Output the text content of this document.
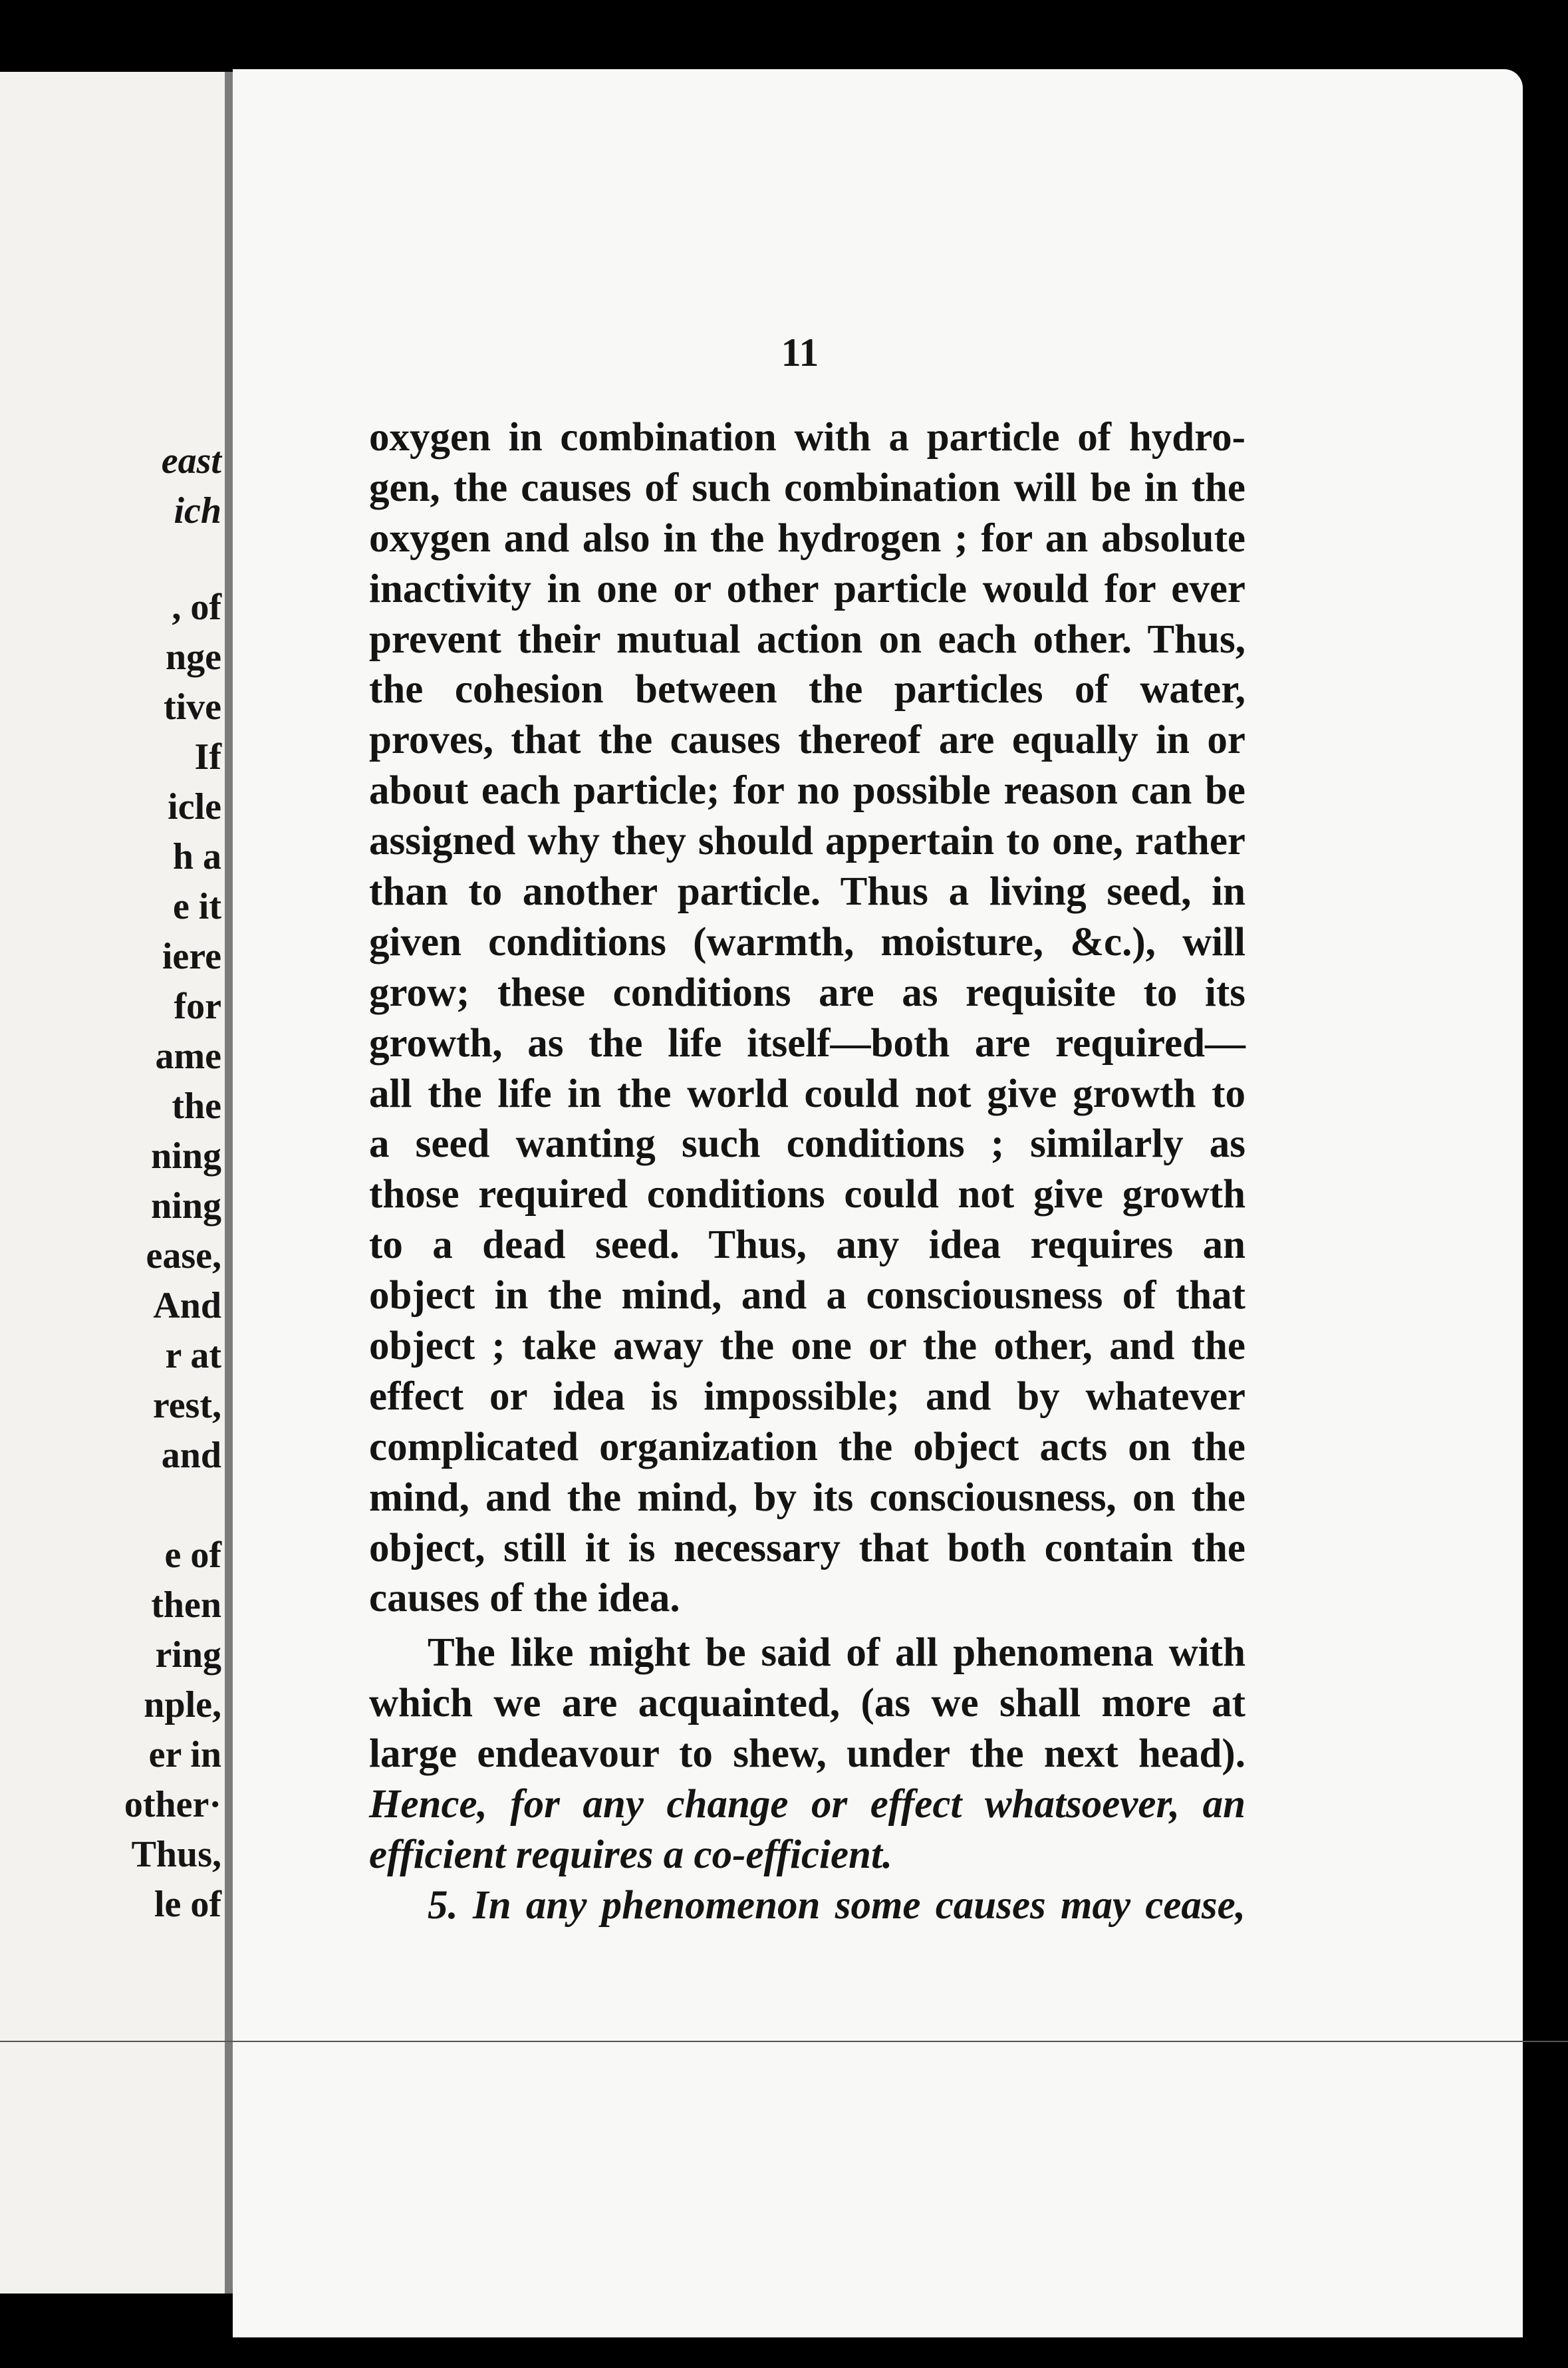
11
oxygen in combination with a particle of hydro-
gen, the causes of such combination will be in the
oxygen and also in the hydrogen ; for an absolute
inactivity in one or other particle would for ever
prevent their mutual action on each other. Thus,
the cohesion between the particles of water,
proves, that the causes thereof are equally in or
about each particle; for no possible reason can be
assigned why they should appertain to one, rather
than to another particle. Thus a living seed, in
given conditions (warmth, moisture, &c.), will
grow; these conditions are as requisite to its
growth, as the life itself—both are required—
all the life in the world could not give growth to
a seed wanting such conditions ; similarly as
those required conditions could not give growth
to a dead seed. Thus, any idea requires an
object in the mind, and a consciousness of that
object ; take away the one or the other, and the
effect or idea is impossible; and by whatever
complicated organization the object acts on the
mind, and the mind, by its consciousness, on the
object, still it is necessary that both contain the
causes of the idea.
The like might be said of all phenomena with
which we are acquainted, (as we shall more at
large endeavour to shew, under the next head).
Hence, for any change or effect whatsoever, an
efficient requires a co-efficient.
5. In any phenomenon some causes may cease,

east

ich

, of

nge

tive

If

icle

h a

e it

iere

for

ame

the

ning

ning

ease,

And

r at

rest,

and

e of

then

ring

nple,

er in

other·

Thus,

le of
